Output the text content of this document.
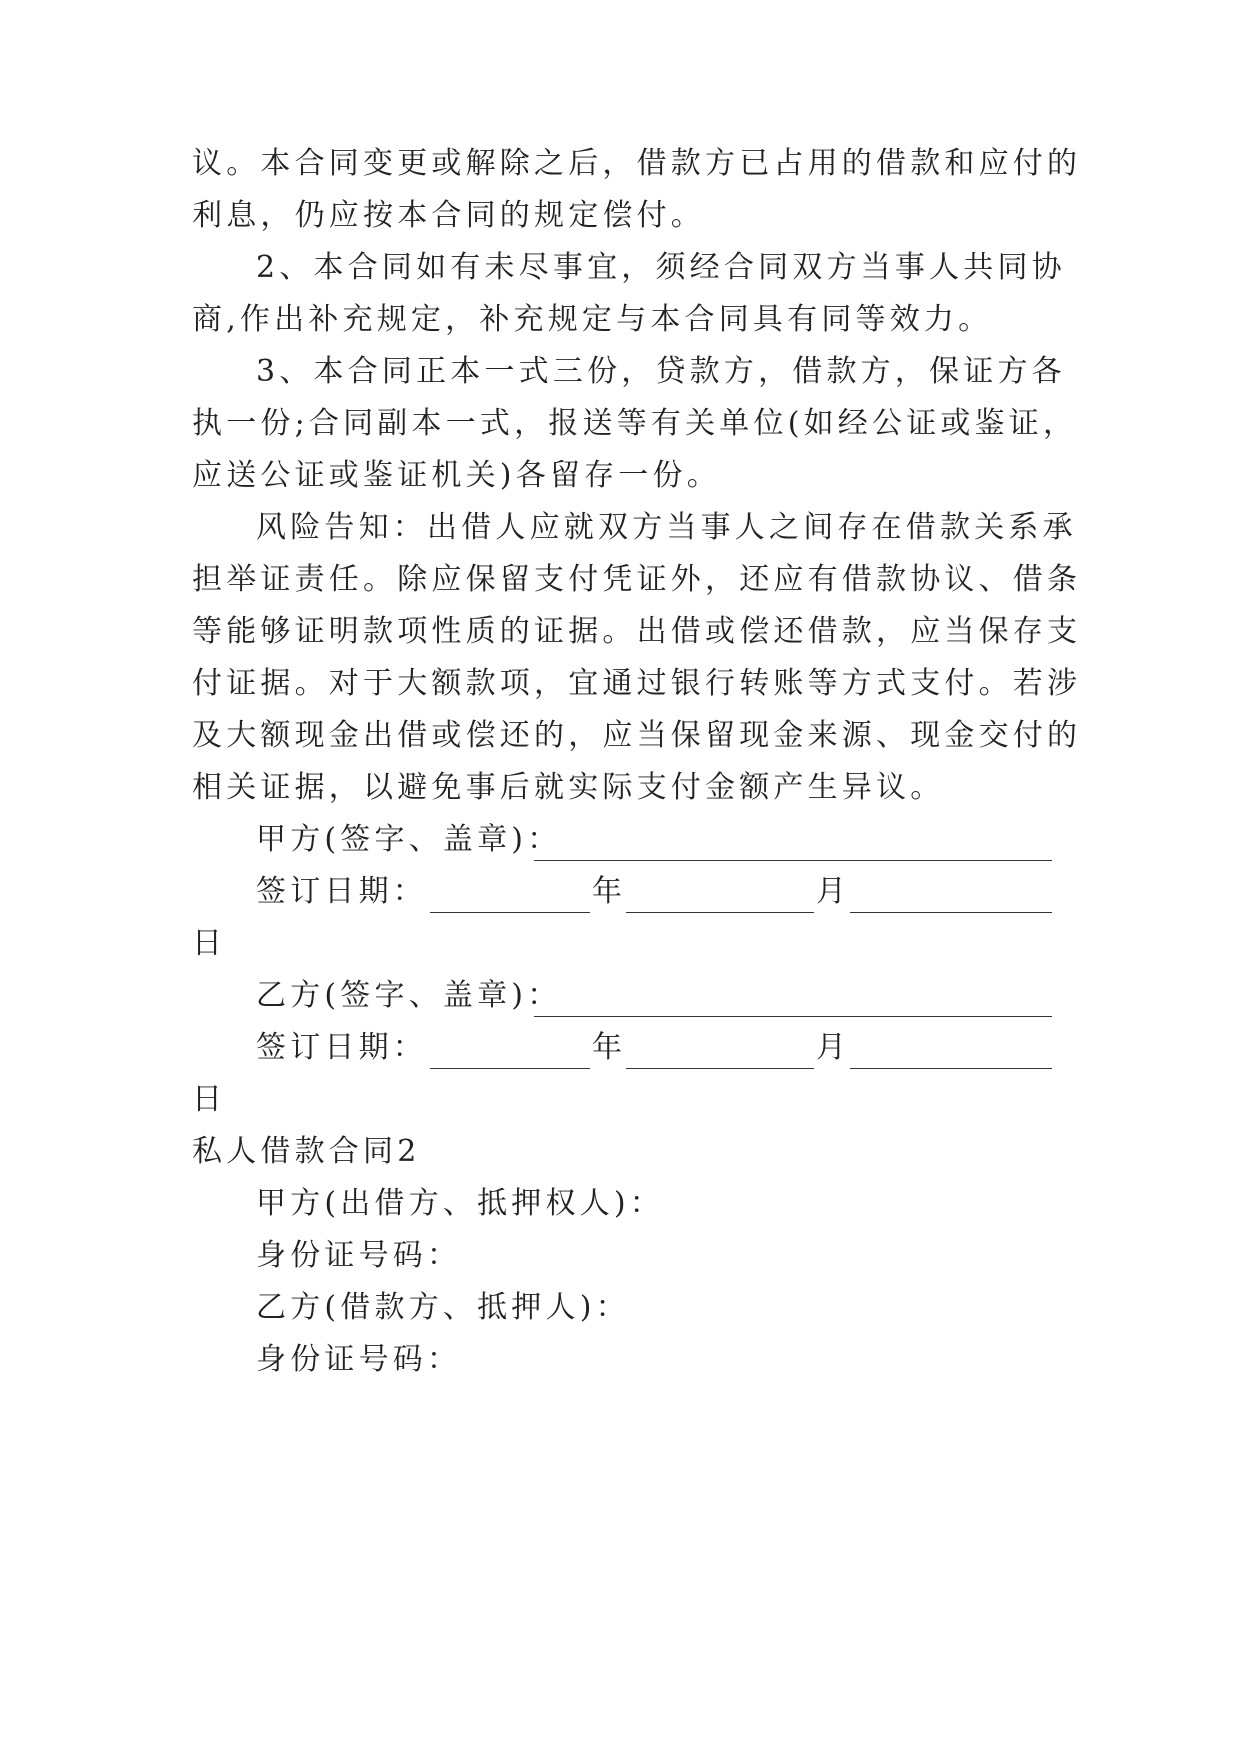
议。本合同变更或解除之后，借款方已占用的借款和应付的
利息，仍应按本合同的规定偿付。
2、本合同如有未尽事宜，须经合同双方当事人共同协
商,作出补充规定，补充规定与本合同具有同等效力。
3、本合同正本一式三份，贷款方，借款方，保证方各
执一份;合同副本一式，报送等有关单位(如经公证或鉴证，
应送公证或鉴证机关)各留存一份。
风险告知：出借人应就双方当事人之间存在借款关系承
担举证责任。除应保留支付凭证外，还应有借款协议、借条
等能够证明款项性质的证据。出借或偿还借款，应当保存支
付证据。对于大额款项，宜通过银行转账等方式支付。若涉
及大额现金出借或偿还的，应当保留现金来源、现金交付的
相关证据，以避免事后就实际支付金额产生异议。
甲方(签字、盖章)：
签订日期：	年	月
日
乙方(签字、盖章)：
签订日期：	年	月
日
私人借款合同2
甲方(出借方、抵押权人)：
身份证号码：
乙方(借款方、抵押人)：
身份证号码：
